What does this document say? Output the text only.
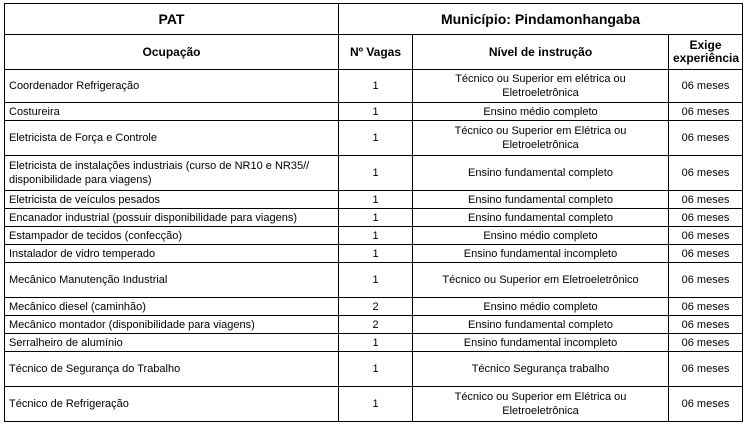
PAT	Município: Pindamonhangaba		
Ocupação	Nº Vagas	Nível de instrução	Exige experiência
Coordenador Refrigeração	1	Técnico ou Superior em elétrica ou Eletroeletrônica	06 meses
Costureira	1	Ensino médio completo	06 meses
Eletricista de Força e Controle	1	Técnico ou Superior em Elétrica ou Eletroeletrônica	06 meses
Eletricista de instalações industriais (curso de NR10 e NR35// disponibilidade para viagens)	1	Ensino fundamental completo	06 meses
Eletricista de veículos pesados	1	Ensino fundamental completo	06 meses
Encanador industrial (possuir disponibilidade para viagens)	1	Ensino fundamental completo	06 meses
Estampador de tecidos (confecção)	1	Ensino médio completo	06 meses
Instalador de vidro temperado	1	Ensino fundamental incompleto	06 meses
Mecânico Manutenção Industrial	1	Técnico ou Superior em Eletroeletrônico	06 meses
Mecânico diesel (caminhão)	2	Ensino médio completo	06 meses
Mecânico montador (disponibilidade para viagens)	2	Ensino fundamental completo	06 meses
Serralheiro de alumínio	1	Ensino fundamental incompleto	06 meses
Técnico de Segurança do Trabalho	1	Técnico Segurança trabalho	06 meses
Técnico de Refrigeração	1	Técnico ou Superior em Elétrica ou Eletroeletrônica	06 meses
